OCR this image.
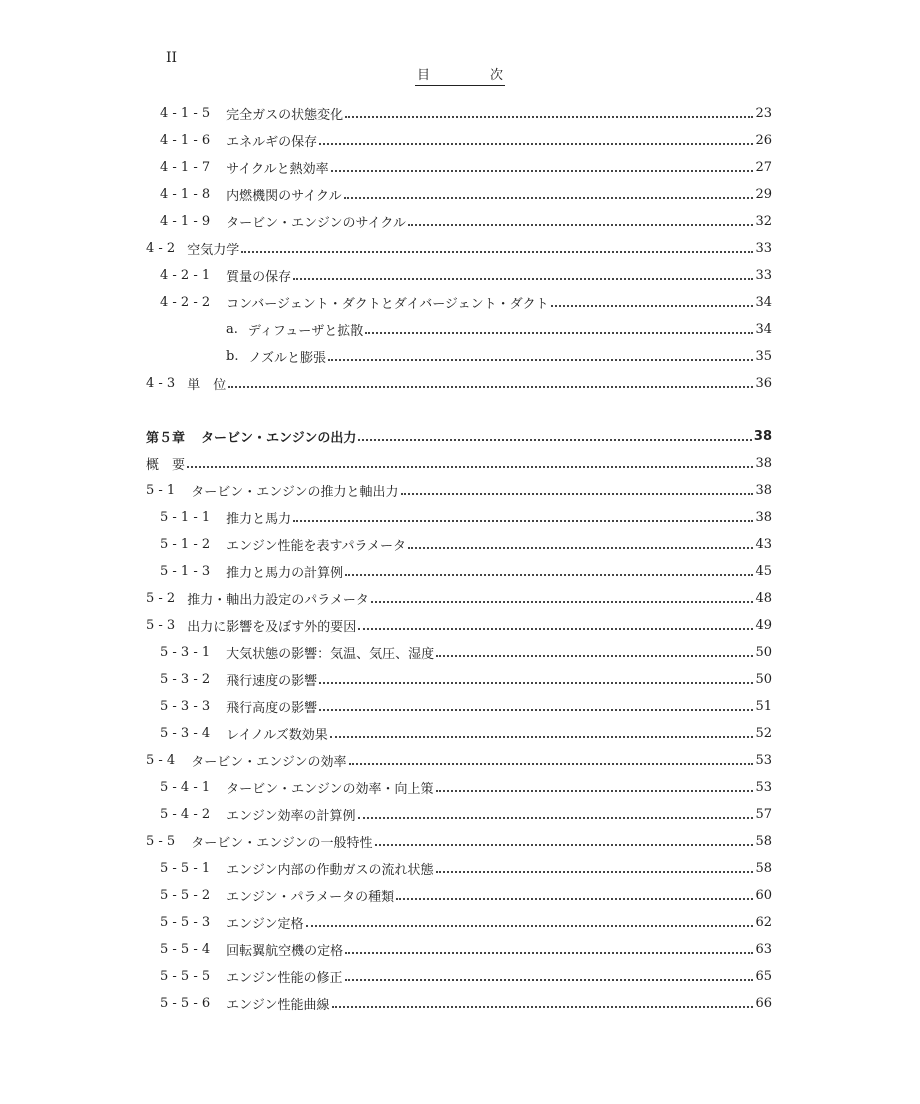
II
目	次
4 - 1 - 5 完全ガスの状態変化	23
4 - 1 - 6 エネルギの保存	26
4 - 1 - 7 サイクルと熱効率	27
4 - 1 - 8 内燃機関のサイクル	29
4 - 1 - 9 タービン・エンジンのサイクル	32
4 - 2 空気力学	33
4 - 2 - 1 質量の保存	33
4 - 2 - 2 コンバージェント・ダクトとダイバージェント・ダクト	34
a. ディフューザと拡散	34
b. ノズルと膨張	35
4 - 3 単　位	36
第５章 タービン・エンジンの出力	38
概　要	38
5 - 1 タービン・エンジンの推力と軸出力	38
5 - 1 - 1 推力と馬力	38
5 - 1 - 2 エンジン性能を表すパラメータ	43
5 - 1 - 3 推力と馬力の計算例	45
5 - 2 推力・軸出力設定のパラメータ	48
5 - 3 出力に影響を及ぼす外的要因	49
5 - 3 - 1 大気状態の影響：気温、気圧、湿度	50
5 - 3 - 2 飛行速度の影響	50
5 - 3 - 3 飛行高度の影響	51
5 - 3 - 4 レイノルズ数効果	52
5 - 4 タービン・エンジンの効率	53
5 - 4 - 1 タービン・エンジンの効率・向上策	53
5 - 4 - 2 エンジン効率の計算例	57
5 - 5 タービン・エンジンの一般特性	58
5 - 5 - 1 エンジン内部の作動ガスの流れ状態	58
5 - 5 - 2 エンジン・パラメータの種類	60
5 - 5 - 3 エンジン定格	62
5 - 5 - 4 回転翼航空機の定格	63
5 - 5 - 5 エンジン性能の修正	65
5 - 5 - 6 エンジン性能曲線	66
